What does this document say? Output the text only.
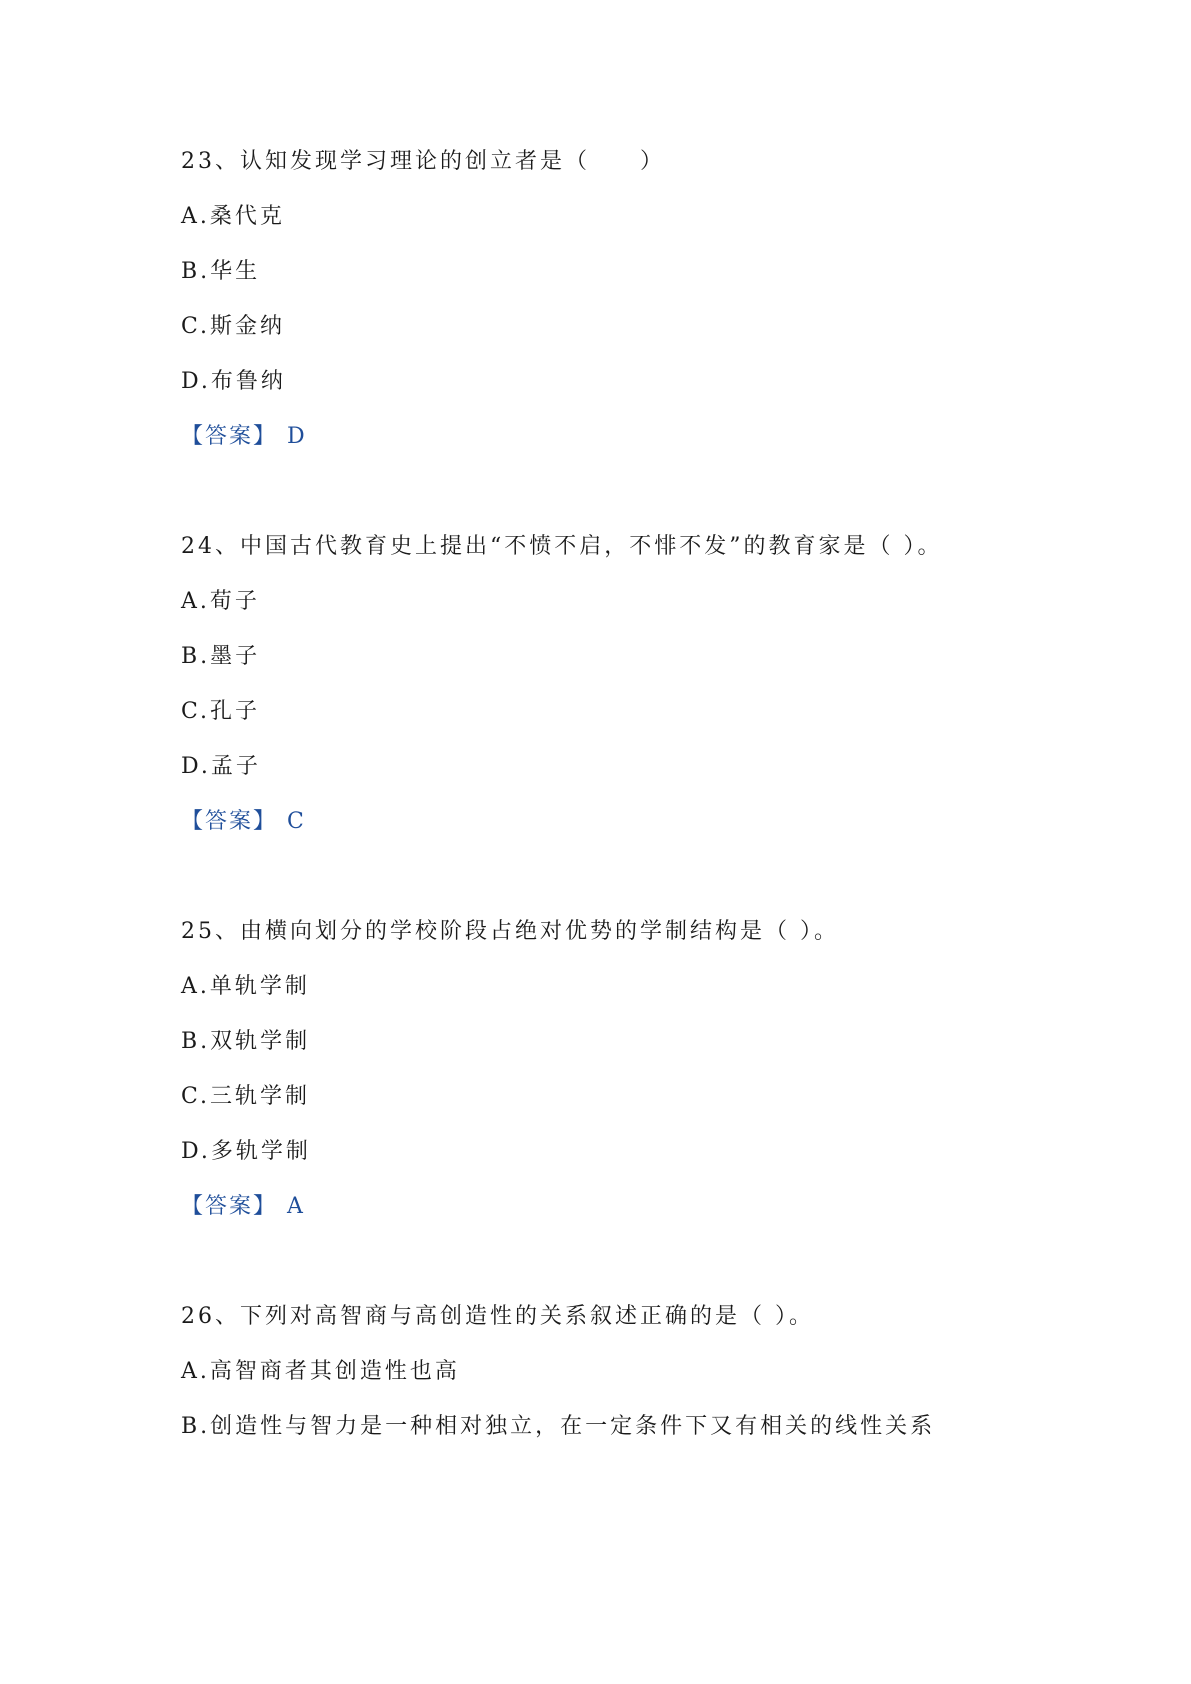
23、认知发现学习理论的创立者是（　　）
A.桑代克
B.华生
C.斯金纳
D.布鲁纳
【答案】 D
24、中国古代教育史上提出“不愤不启，不悱不发”的教育家是（ ）。
A.荀子
B.墨子
C.孔子
D.孟子
【答案】 C
25、由横向划分的学校阶段占绝对优势的学制结构是（ ）。
A.单轨学制
B.双轨学制
C.三轨学制
D.多轨学制
【答案】 A
26、下列对高智商与高创造性的关系叙述正确的是（ ）。
A.高智商者其创造性也高
B.创造性与智力是一种相对独立，在一定条件下又有相关的线性关系
